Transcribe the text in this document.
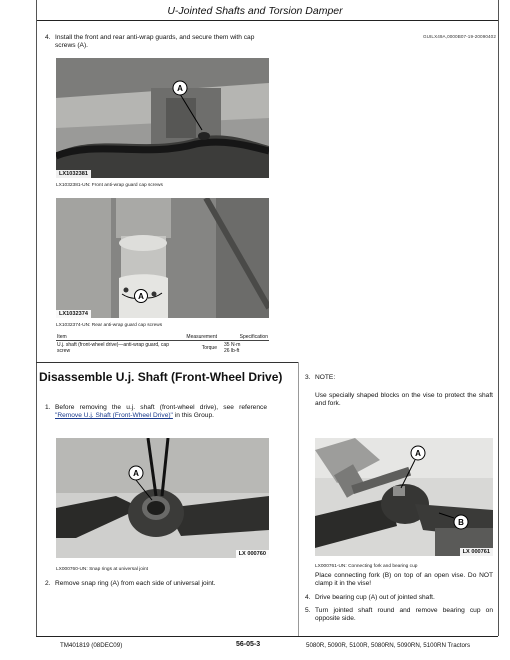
U-Jointed Shafts and Torsion Damper
4. Install the front and rear anti-wrap guards, and secure them with cap screws (A).
GUILX49A,0000B07-19-20090402
A
LX1032381
LX1032381-UN: Front anti-wrap guard cap screws
A
LX1032374
LX1032374-UN: Rear anti-wrap guard cap screws
Item	Measurement	Specification
U.j. shaft (front-wheel drive)—anti-wrap guard, cap screw	Torque	35 N·m
26 lb-ft
Disassemble U.j. Shaft (Front-Wheel Drive)
1. Before removing the u.j. shaft (front-wheel drive), see reference "Remove U.j. Shaft (Front-Wheel Drive)" in this Group.
A
LX 000760
LX000760-UN: Snap rings at universal joint
2. Remove snap ring (A) from each side of universal joint.
3. NOTE:
Use specially shaped blocks on the vise to protect the shaft and fork.
A
B
LX 000761
LX000761-UN: Connecting fork and bearing cup
Place connecting fork (B) on top of an open vise. Do NOT clamp it in the vise!
4. Drive bearing cup (A) out of jointed shaft.
5. Turn jointed shaft round and remove bearing cup on opposite side.
TM401819 (08DEC09)	56-05-3	5080R, 5090R, 5100R, 5080RN, 5090RN, 5100RN Tractors
